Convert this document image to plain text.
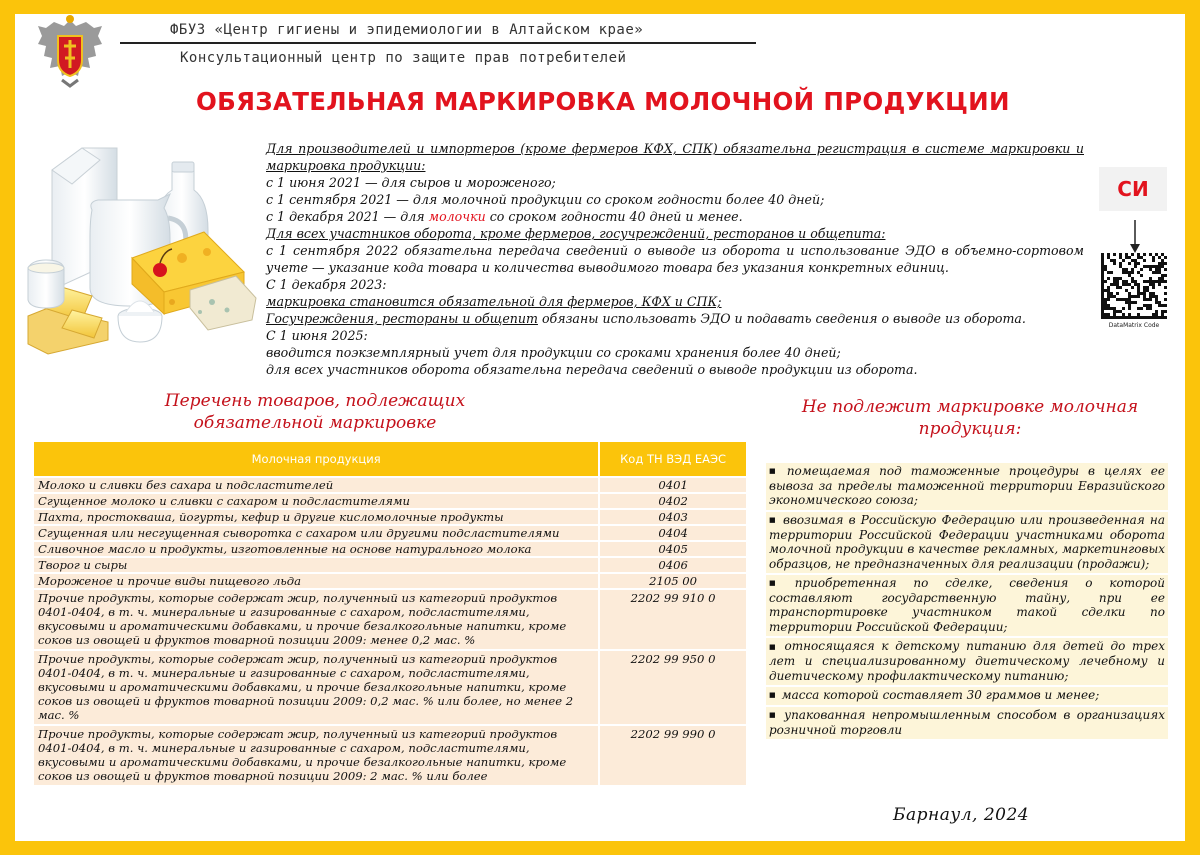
ФБУЗ «Центр гигиены и эпидемиологии в Алтайском крае»
Консультационный центр по защите прав потребителей
ОБЯЗАТЕЛЬНАЯ МАРКИРОВКА МОЛОЧНОЙ ПРОДУКЦИИ

Для производителей и импортеров (кроме фермеров КФХ, СПК) обязательна регистрация в системе маркировки и маркировка продукции:

с 1 июня 2021 — для сыров и мороженого;

с 1 сентября 2021 — для молочной продукции со сроком годности более 40 дней;

с 1 декабря 2021 — для молочки со сроком годности 40 дней и менее.

Для всех участников оборота, кроме фермеров, госучреждений, ресторанов и общепита:

с 1 сентября 2022 обязательна передача сведений о выводе из оборота и использование ЭДО в объемно-сортовом учете — указание кода товара и количества выводимого товара без указания конкретных единиц.

С 1 декабря 2023:

маркировка становится обязательной для фермеров, КФХ и СПК;

Госучреждения, рестораны и общепит обязаны использовать ЭДО и подавать сведения о выводе из оборота.

С 1 июня 2025:

вводится поэкземплярный учет для продукции со сроками хранения более 40 дней;

для всех участников оборота обязательна передача сведений о выводе продукции из оборота.

СИ
DataMatrix Code
Перечень товаров, подлежащих обязательной маркировке
Не подлежит маркировке молочная продукция:
Молочная продукция	Код ТН ВЭД ЕАЭС
Молоко и сливки без сахара и подсластителей	0401
Сгущенное молоко и сливки с сахаром и подсластителями	0402
Пахта, простокваша, йогурты, кефир и другие кисломолочные продукты	0403
Сгущенная или несгущенная сыворотка с сахаром или другими подсластителями	0404
Сливочное масло и продукты, изготовленные на основе натурального молока	0405
Творог и сыры	0406
Мороженое и прочие виды пищевого льда	2105 00
Прочие продукты, которые содержат жир, полученный из категорий продуктов 0401-0404, в т. ч. минеральные и газированные с сахаром, подсластителями, вкусовыми и ароматическими добавками, и прочие безалкогольные напитки, кроме соков из овощей и фруктов товарной позиции 2009: менее 0,2 мас. %	2202 99 910 0
Прочие продукты, которые содержат жир, полученный из категорий продуктов 0401-0404, в т. ч. минеральные и газированные с сахаром, подсластителями, вкусовыми и ароматическими добавками, и прочие безалкогольные напитки, кроме соков из овощей и фруктов товарной позиции 2009: 0,2 мас. % или более, но менее 2 мас. %	2202 99 950 0
Прочие продукты, которые содержат жир, полученный из категорий продуктов 0401-0404, в т. ч. минеральные и газированные с сахаром, подсластителями, вкусовыми и ароматическими добавками, и прочие безалкогольные напитки, кроме соков из овощей и фруктов товарной позиции 2009: 2 мас. % или более	2202 99 990 0
■ помещаемая под таможенные процедуры в целях ее вывоза за пределы таможенной территории Евразийского экономического союза;
■ ввозимая в Российскую Федерацию или произведенная на территории Российской Федерации участниками оборота молочной продукции в качестве рекламных, маркетинговых образцов, не предназначенных для реализации (продажи);
■ приобретенная по сделке, сведения о которой составляют государственную тайну, при ее транспортировке участником такой сделки по территории Российской Федерации;
■ относящаяся к детскому питанию для детей до трех лет и специализированному диетическому лечебному и диетическому профилактическому питанию;
■ масса которой составляет 30 граммов и менее;
■ упакованная непромышленным способом в организациях розничной торговли
Барнаул, 2024
